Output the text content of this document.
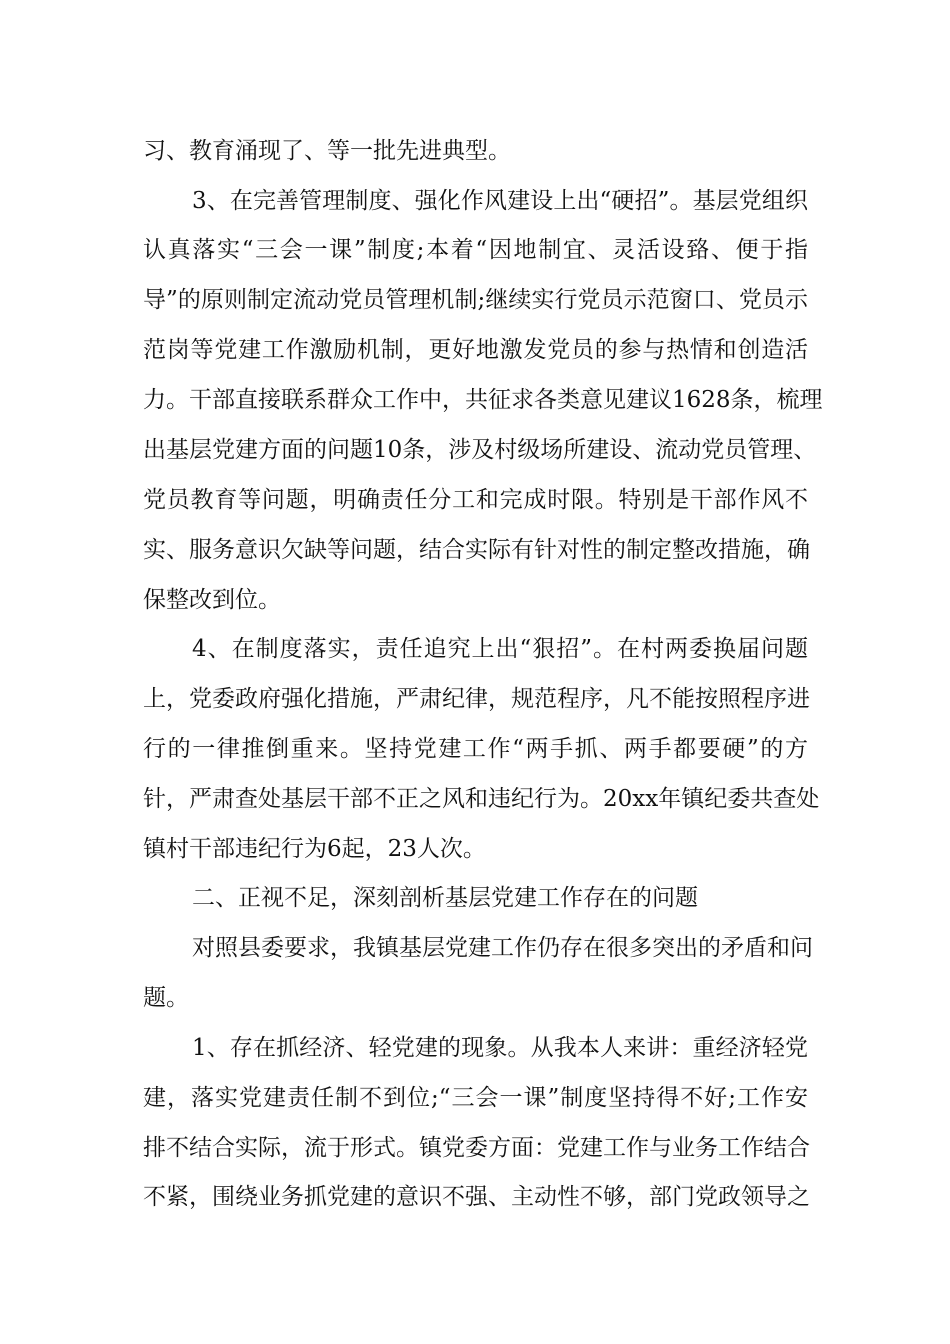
习、教育涌现了、等一批先进典型。
3、在完善管理制度、强化作风建设上出“硬招”。基层党组织
认真落实“三会一课”制度;本着“因地制宜、灵活设臵、便于指
导”的原则制定流动党员管理机制;继续实行党员示范窗口、党员示
范岗等党建工作激励机制，更好地激发党员的参与热情和创造活
力。干部直接联系群众工作中，共征求各类意见建议1628条，梳理
出基层党建方面的问题10条，涉及村级场所建设、流动党员管理、
党员教育等问题，明确责任分工和完成时限。特别是干部作风不
实、服务意识欠缺等问题，结合实际有针对性的制定整改措施，确
保整改到位。
4、在制度落实，责任追究上出“狠招”。在村两委换届问题
上，党委政府强化措施，严肃纪律，规范程序，凡不能按照程序进
行的一律推倒重来。坚持党建工作“两手抓、两手都要硬”的方
针，严肃查处基层干部不正之风和违纪行为。20xx年镇纪委共查处
镇村干部违纪行为6起，23人次。
二、正视不足，深刻剖析基层党建工作存在的问题
对照县委要求，我镇基层党建工作仍存在很多突出的矛盾和问
题。
1、存在抓经济、轻党建的现象。从我本人来讲：重经济轻党
建，落实党建责任制不到位;“三会一课”制度坚持得不好;工作安
排不结合实际，流于形式。镇党委方面：党建工作与业务工作结合
不紧，围绕业务抓党建的意识不强、主动性不够，部门党政领导之
